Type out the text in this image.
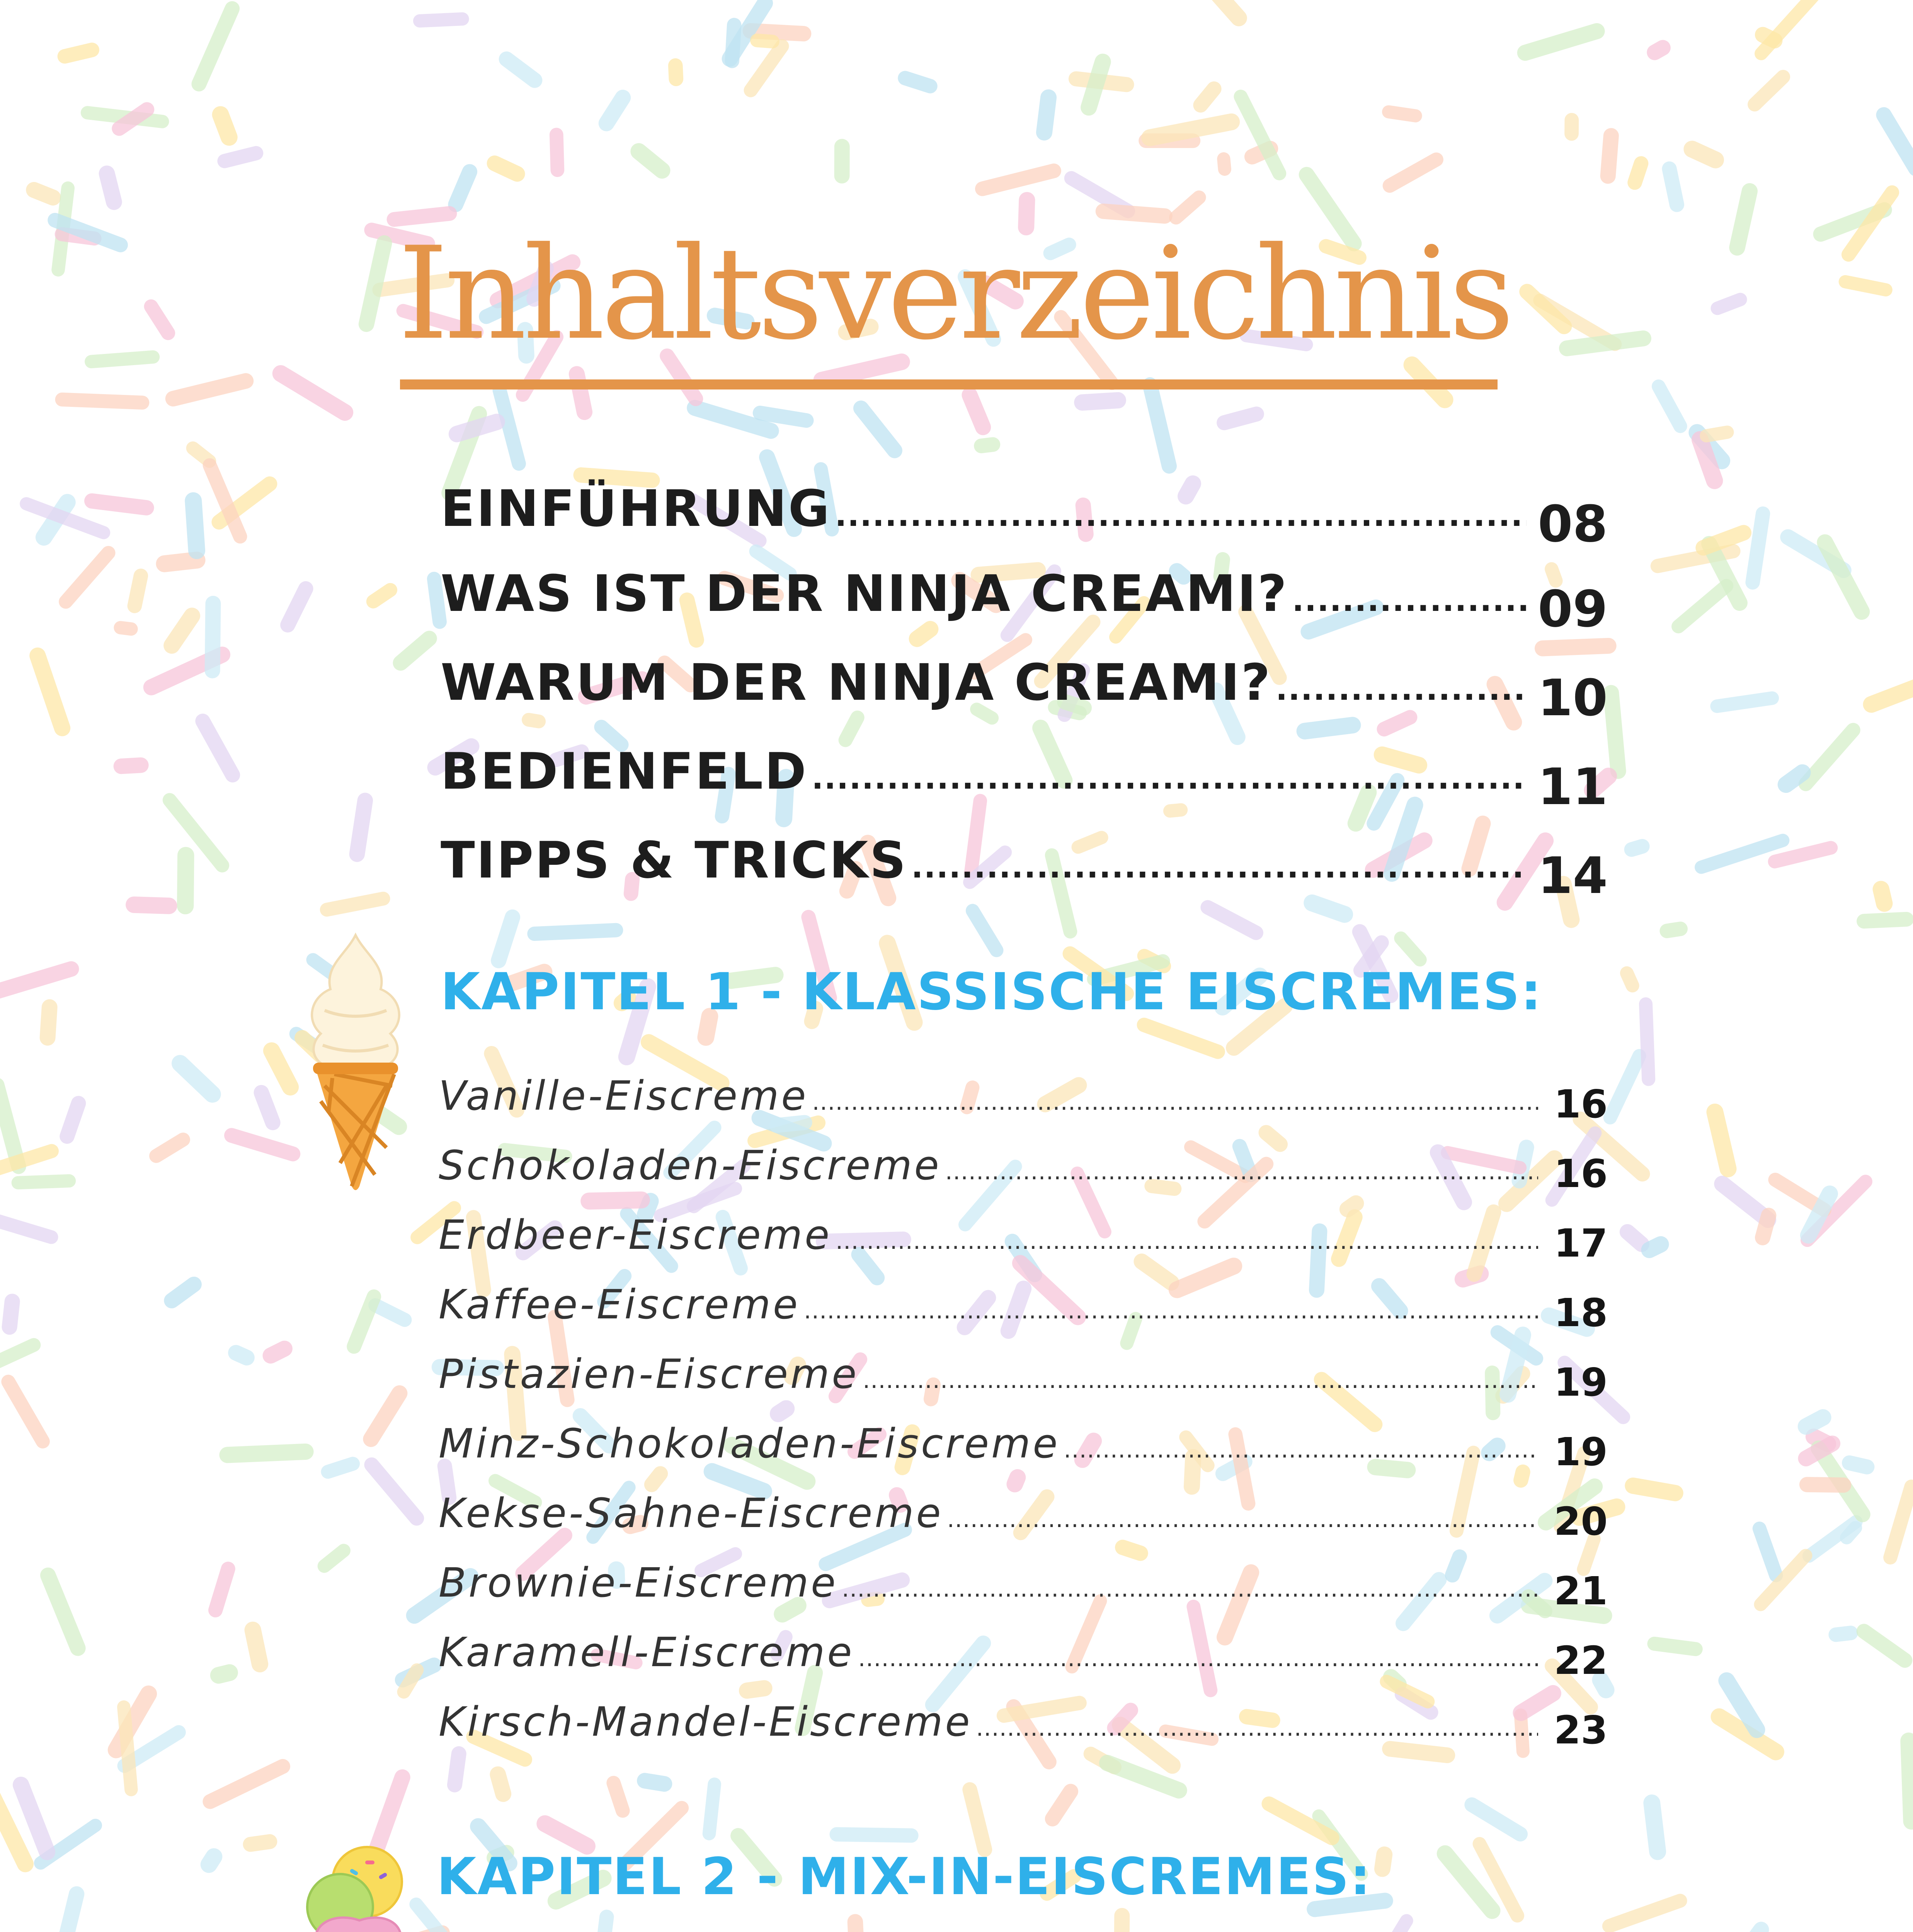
Inhaltsverzeichnis
EINFÜHRUNG .....	08
WAS IST DER NINJA CREAMI? .....	09
WARUM DER NINJA CREAMI? .....	10
BEDIENFELD .....	11
TIPPS & TRICKS .....	14
KAPITEL 1 - KLASSISCHE EISCREMES:
Vanille-Eiscreme .....	16
Schokoladen-Eiscreme .....	16
Erdbeer-Eiscreme .....	17
Kaffee-Eiscreme .....	18
Pistazien-Eiscreme .....	19
Minz-Schokoladen-Eiscreme .....	19
Kekse-Sahne-Eiscreme .....	20
Brownie-Eiscreme .....	21
Karamell-Eiscreme .....	22
Kirsch-Mandel-Eiscreme .....	23
KAPITEL 2 - MIX-IN-EISCREMES:
